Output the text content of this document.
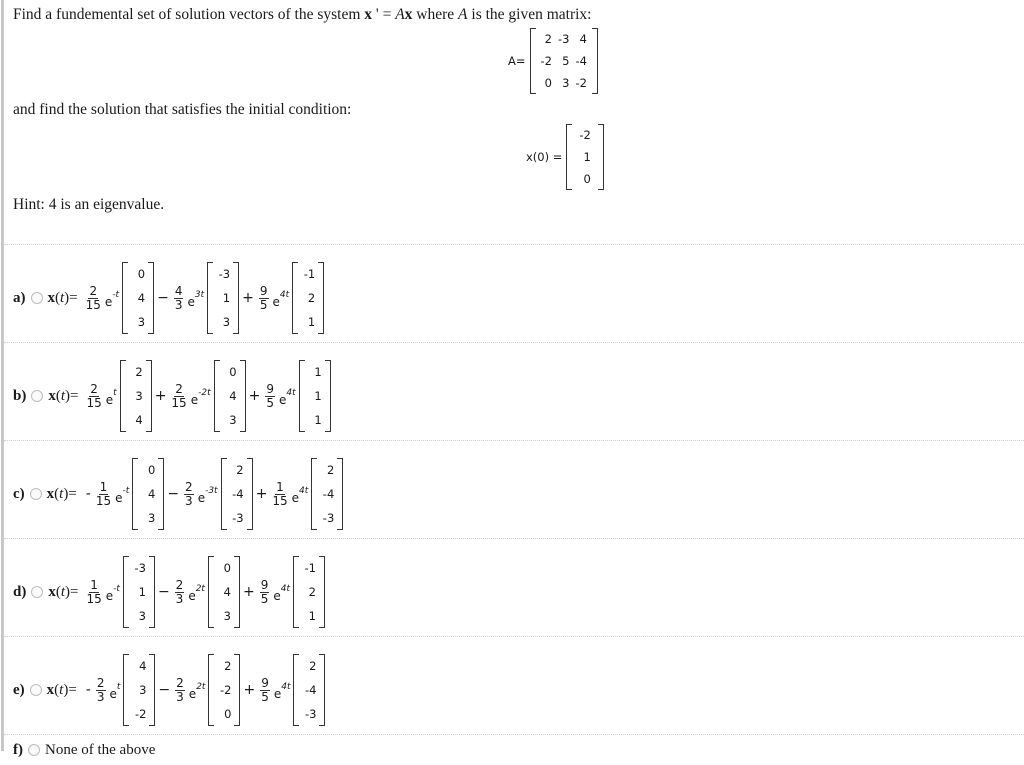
Find a fundemental set of solution vectors of the system x ' = Ax where A is the given matrix:
A=
2 -3 4
-2 5 -4
0 3 -2
and find the solution that satisfies the initial condition:
x(0) =
-2
1
0
Hint: 4 is an eigenvalue.
a) $x(t)= \frac{2}{15} e^{-t}$
0
4
3
− $\frac{4}{3} e^{3t}$
-3
1
3
+ $\frac{9}{5} e^{4t}$
-1
2
1
b) $x(t)= \frac{2}{15} e^t$
2
3
4
+ $\frac{2}{15} e^{-2t}$
0
4
3
+ $\frac{9}{5} e^{4t}$
1
1
1
c) $x(t)= - \frac{1}{15} e^{-t}$
0
4
3
− $\frac{2}{3} e^{-3t}$
2
-4
-3
+ $\frac{1}{15} e^{4t}$
2
-4
-3
d) $x(t)= \frac{1}{15} e^{-t}$
-3
1
3
− $\frac{2}{3} e^{2t}$
0
4
3
+ $\frac{9}{5} e^{4t}$
-1
2
1
e) $x(t)= - \frac{2}{3} e^t$
4
3
-2
− $\frac{2}{3} e^{2t}$
2
-2
0
+ $\frac{9}{5} e^{4t}$
2
-4
-3
f) None of the above
